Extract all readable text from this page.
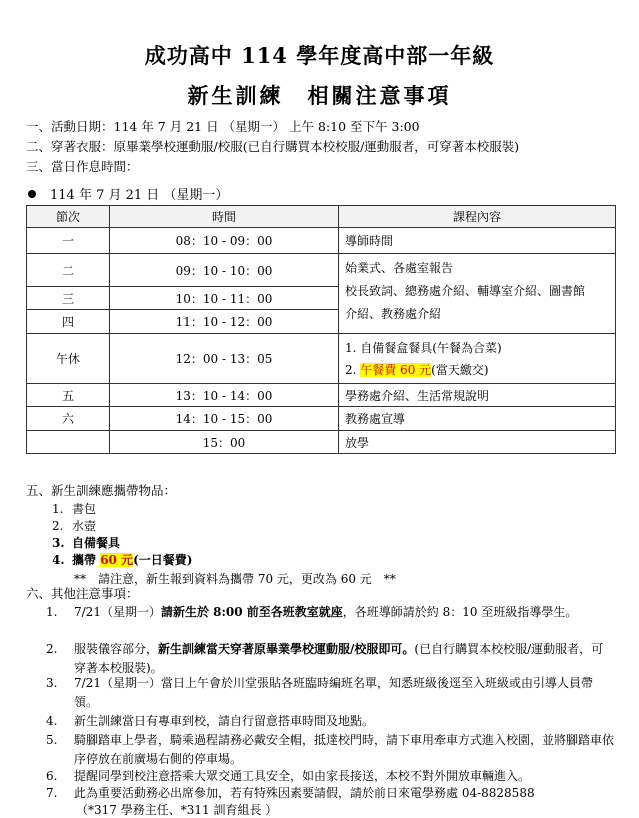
成功高中 114 學年度高中部一年級
新生訓練 相關注意事項
一、活動日期：114 年 7 月 21 日 （星期一） 上午 8:10 至下午 3:00
二、穿著衣服：原畢業學校運動服/校服(已自行購買本校校服/運動服者，可穿著本校服裝)
三、當日作息時間：
114 年 7 月 21 日 （星期一）
節次	時間	課程內容
一	08：10 - 09：00	導師時間
二	09：10 - 10：00	始業式、各處室報告
校長致詞、總務處介紹、輔導室介紹、圖書館
介紹、教務處介紹

三	10：10 - 11：00	
四	11：10 - 12：00	
午休	12：00 - 13：05	1. 自備餐盒餐具(午餐為合菜)
2. 午餐費 60 元(當天繳交)

五	13：10 - 14：00	學務處介紹、生活常規說明
六	14：10 - 15：00	教務處宣導
	15：00	放學
五、新生訓練應攜帶物品：
1. 書包
2. 水壺
3. 自備餐具
4. 攜帶 60 元(一日餐費)
**　請注意，新生報到資料為攜帶 70 元，更改為 60 元　**
六、其他注意事項：
1. 7/21（星期一）請新生於 8:00 前至各班教室就座，各班導師請於約 8：10 至班級指導學生。
2. 服裝儀容部分，新生訓練當天穿著原畢業學校運動服/校服即可。(已自行購買本校校服/運動服者，可穿著本校服裝)。
3. 7/21（星期一）當日上午會於川堂張貼各班臨時編班名單，知悉班級後逕至入班級或由引導人員帶領。
4. 新生訓練當日有專車到校，請自行留意搭車時間及地點。
5. 騎腳踏車上學者，騎乘過程請務必戴安全帽，抵達校門時，請下車用牽車方式進入校園，並將腳踏車依序停放在前廣場右側的停車場。
6. 提醒同學到校注意搭乘大眾交通工具安全，如由家長接送，本校不對外開放車輛進入。
7. 此為重要活動務必出席參加，若有特殊因素要請假，請於前日來電學務處 04-8828588
（*317 學務主任、*311 訓育組長 ）
